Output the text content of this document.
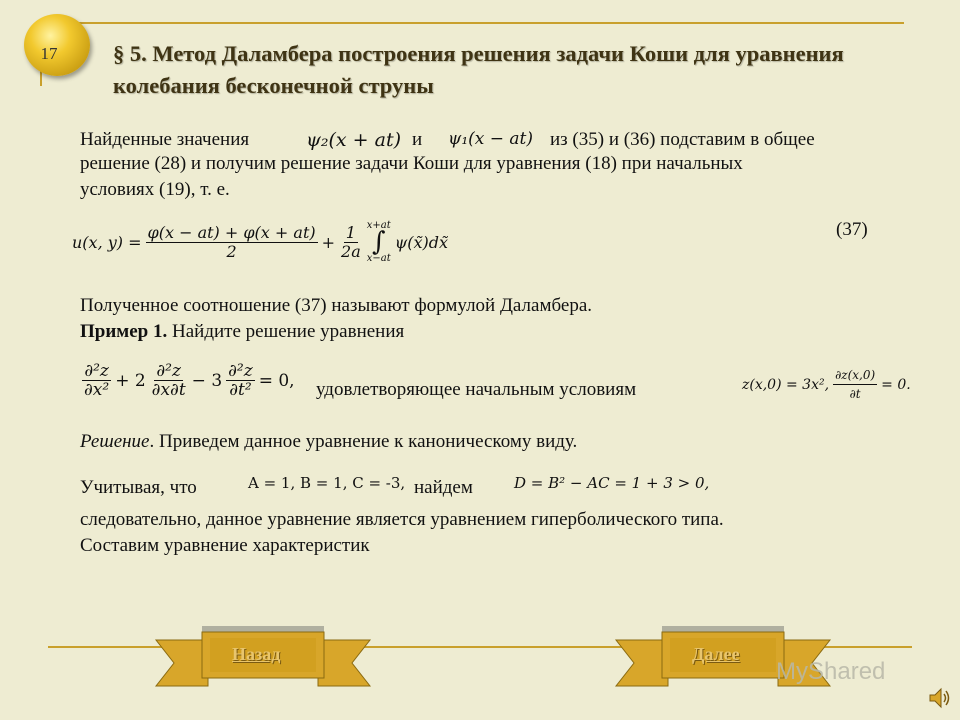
17	§ 5. Метод Даламбера построения решения задачи Коши для уравнения колебания бесконечной струны
Найденные значения	ψ₂(x + at) и ψ₁(x − at) из (35) и (36) подставим в общее
решение (28) и получим решение задачи Коши для уравнения (18) при начальных
условиях (19), т. е.
u(x, $y) = \frac{\varphi(x - at) + \varphi(x + at)}{2} + \frac{1}{2a} x+at$
∫
x−at
ψ(x̃)dx̃
(37)
Полученное соотношение (37) называют формулой Даламбера.
Пример 1. Найдите решение уравнения
$\frac{\text{∂²z}}{\text{∂x²}} + 2 \frac{\text{∂²z}}{\partial x\partial t} - 3 \frac{\text{∂²z}}{\text{∂t²}} = 0$, удовлетворяющее начальным условиям	z(x,0) = 3x², $\frac{\partial z(x,0)}{\partial t} = 0$.
Решение. Приведем данное уравнение к каноническому виду.
Учитывая, что	A = 1, B = 1, C = -3, найдем	D = B² − AC = 1 + 3 > 0,
следовательно, данное уравнение является уравнением гиперболического типа.
Составим уравнение характеристик
Назад	Далее
MyShared
